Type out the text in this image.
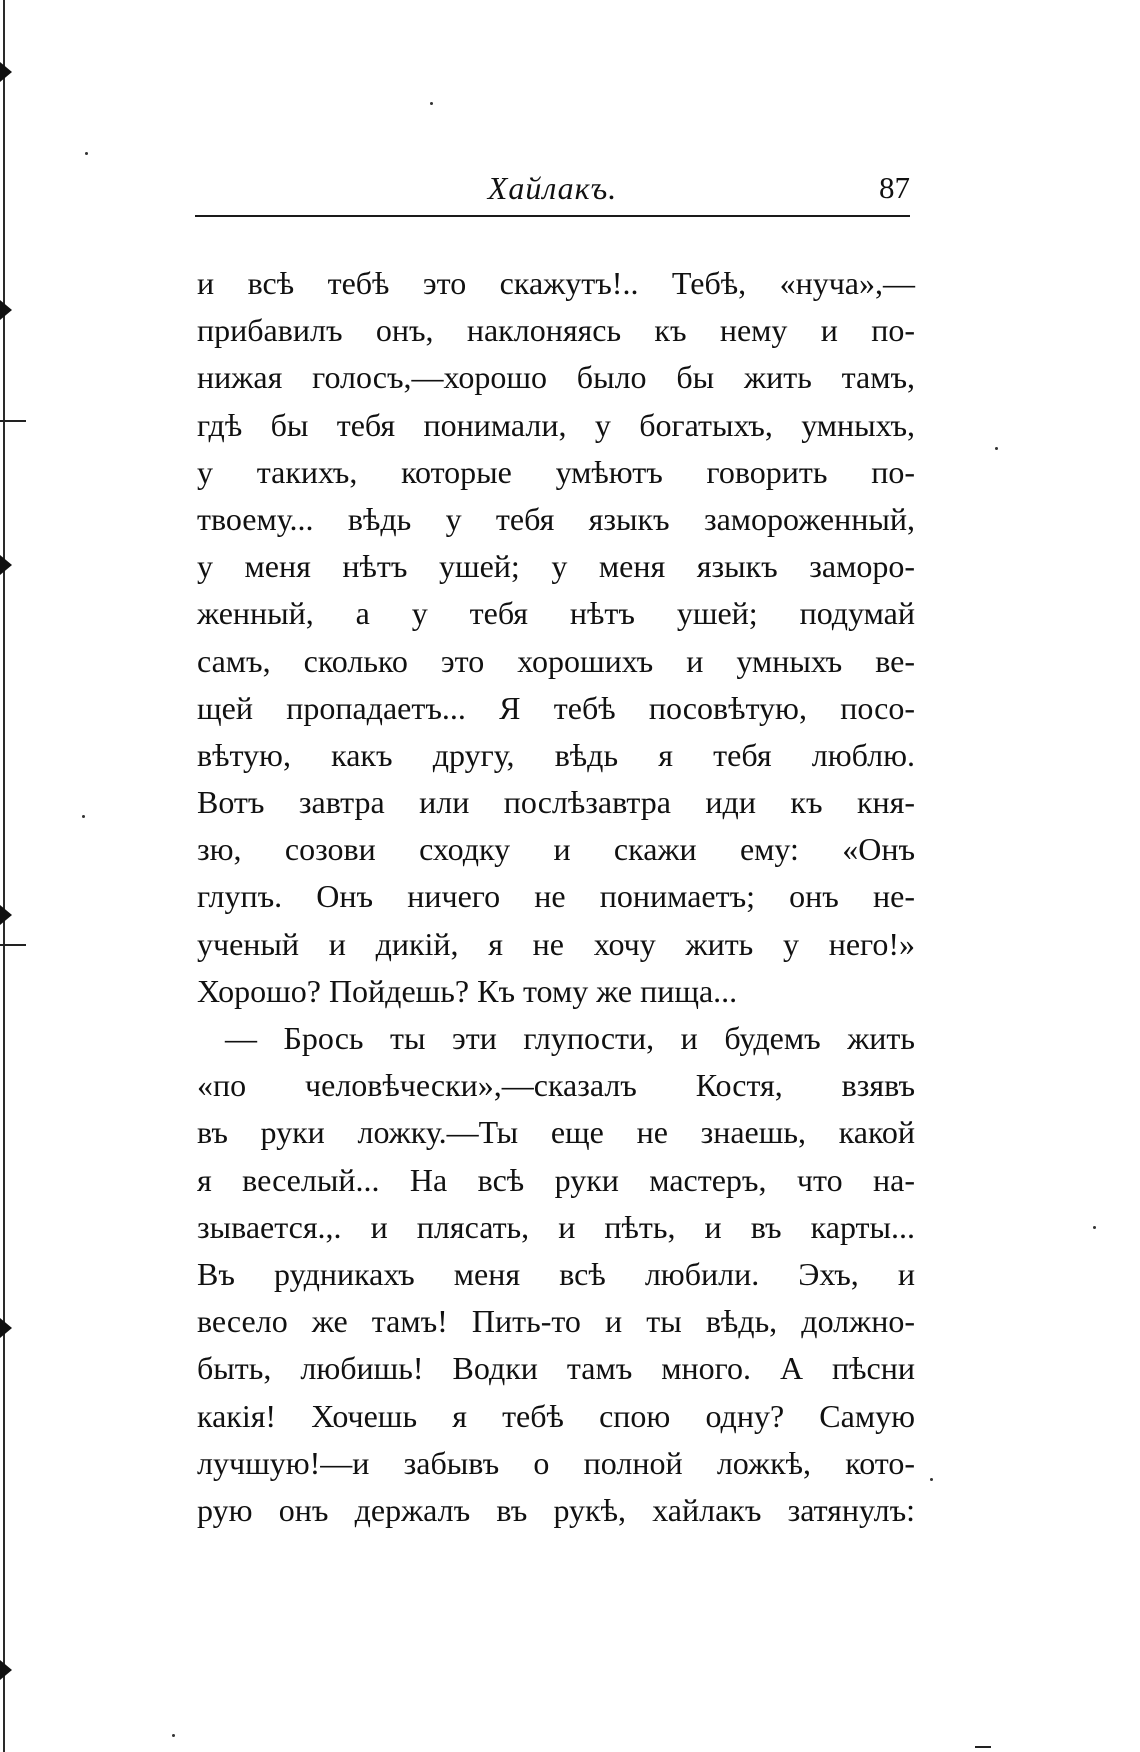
Хайлакъ.	87
и всѣ тебѣ это скажутъ!.. Тебѣ, «нуча»,—
прибавилъ онъ, наклоняясь къ нему и по-
нижая голосъ,—хорошо было бы жить тамъ,
гдѣ бы тебя понимали, у богатыхъ, умныхъ,
у такихъ, которые умѣютъ говорить по-
твоему... вѣдь у тебя языкъ замороженный,
у меня нѣтъ ушей; у меня языкъ заморо-
женный, а у тебя нѣтъ ушей; подумай
самъ, сколько это хорошихъ и умныхъ ве-
щей пропадаетъ... Я тебѣ посовѣтую, посо-
вѣтую, какъ другу, вѣдь я тебя люблю.
Вотъ завтра или послѣзавтра иди къ кня-
зю, созови сходку и скажи ему: «Онъ
глупъ. Онъ ничего не понимаетъ; онъ не-
ученый и дикій, я не хочу жить у него!»
Хорошо? Пойдешь? Къ тому же пища...
— Брось ты эти глупости, и будемъ жить
«по человѣчески»,—сказалъ Костя, взявъ
въ руки ложку.—Ты еще не знаешь, какой
я веселый... На всѣ руки мастеръ, что на-
зывается.,. и плясать, и пѣть, и въ карты...
Въ рудникахъ меня всѣ любили. Эхъ, и
весело же тамъ! Пить-то и ты вѣдь, должно-
быть, любишь! Водки тамъ много. А пѣсни
какія! Хочешь я тебѣ спою одну? Самую
лучшую!—и забывъ о полной ложкѣ, кото-
рую онъ держалъ въ рукѣ, хайлакъ затянулъ:
